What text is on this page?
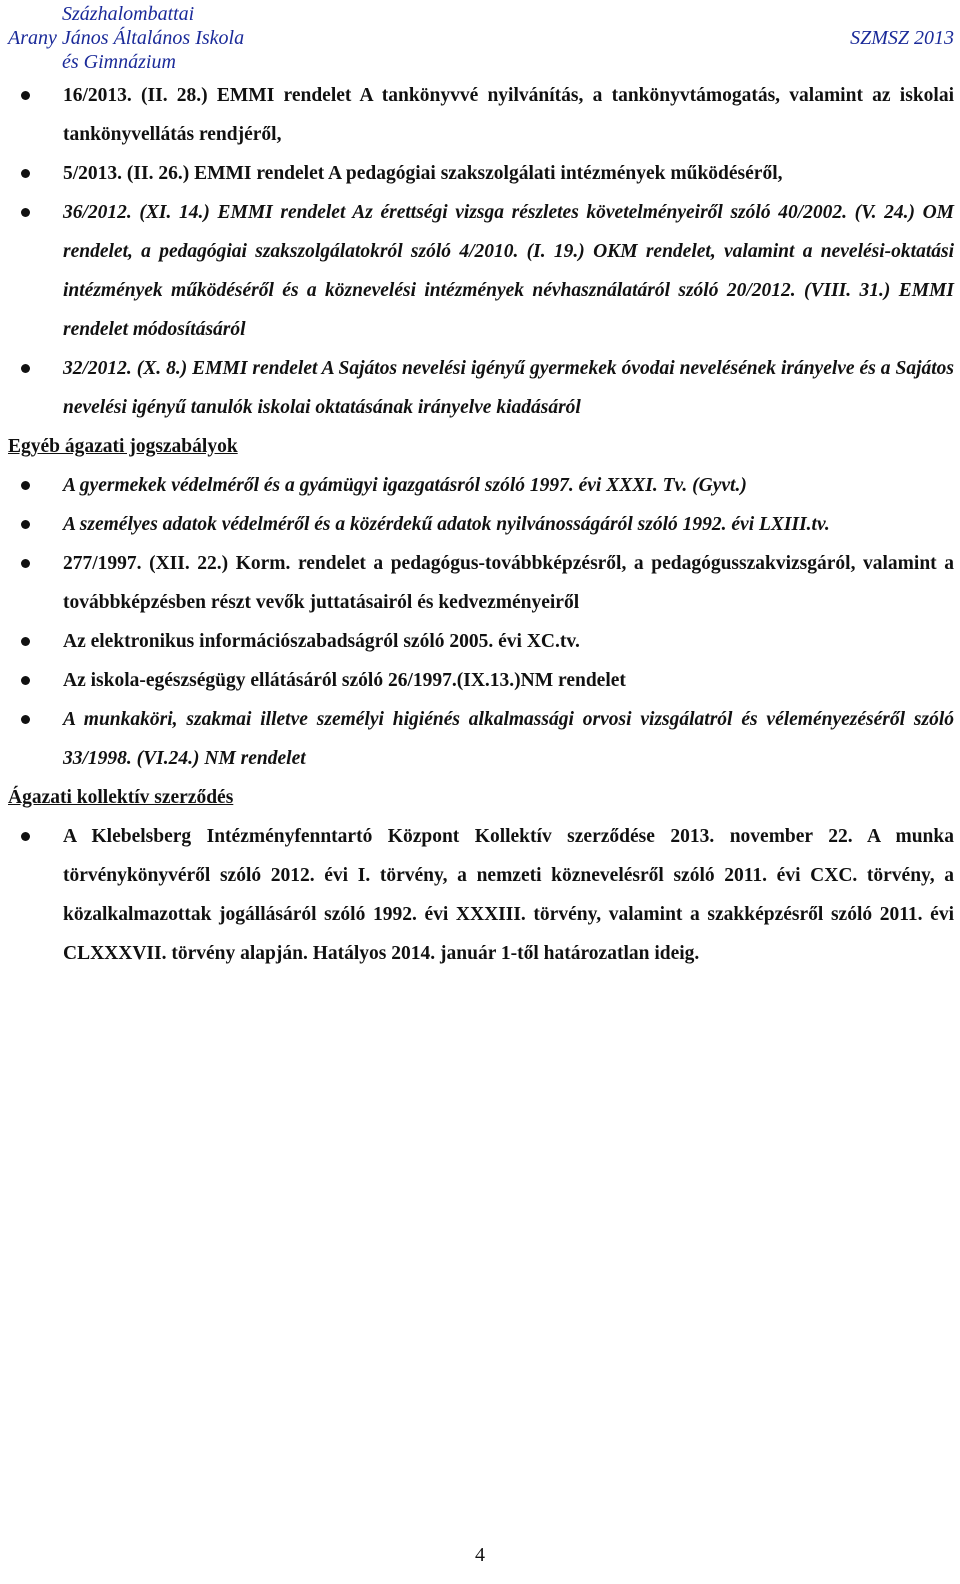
Százhalombattai
Arany János Általános Iskola
és Gimnázium
SZMSZ 2013
16/2013. (II. 28.) EMMI rendelet A tankönyvvé nyilvánítás, a tankönyvtámogatás, valamint az iskolai tankönyvellátás rendjéről,
5/2013. (II. 26.) EMMI rendelet A pedagógiai szakszolgálati intézmények működéséről,
36/2012. (XI. 14.) EMMI rendelet Az érettségi vizsga részletes követelményeiről szóló 40/2002. (V. 24.) OM rendelet, a pedagógiai szakszolgálatokról szóló 4/2010. (I. 19.) OKM rendelet, valamint a nevelési-oktatási intézmények működéséről és a köznevelési intézmények névhasználatáról szóló 20/2012. (VIII. 31.) EMMI rendelet módosításáról
32/2012. (X. 8.) EMMI rendelet A Sajátos nevelési igényű gyermekek óvodai nevelésének irányelve és a Sajátos nevelési igényű tanulók iskolai oktatásának irányelve kiadásáról
Egyéb ágazati jogszabályok
A gyermekek védelméről és a gyámügyi igazgatásról szóló 1997. évi XXXI. Tv. (Gyvt.)
A személyes adatok védelméről és a közérdekű adatok nyilvánosságáról szóló 1992. évi LXIII.tv.
277/1997. (XII. 22.) Korm. rendelet a pedagógus-továbbképzésről, a pedagógusszakvizsgáról, valamint a továbbképzésben részt vevők juttatásairól és kedvezményeiről
Az elektronikus információszabadságról szóló 2005. évi XC.tv.
Az iskola-egészségügy ellátásáról szóló 26/1997.(IX.13.)NM rendelet
A munkaköri, szakmai illetve személyi higiénés alkalmassági orvosi vizsgálatról és véleményezéséről szóló 33/1998. (VI.24.) NM rendelet
Ágazati kollektív szerződés
A Klebelsberg Intézményfenntartó Központ Kollektív szerződése 2013. november 22. A munka törvénykönyvéről szóló 2012. évi I. törvény, a nemzeti köznevelésről szóló 2011. évi CXC. törvény, a közalkalmazottak jogállásáról szóló 1992. évi XXXIII. törvény, valamint a szakképzésről szóló 2011. évi CLXXXVII. törvény alapján. Hatályos 2014. január 1-től határozatlan ideig.
4
